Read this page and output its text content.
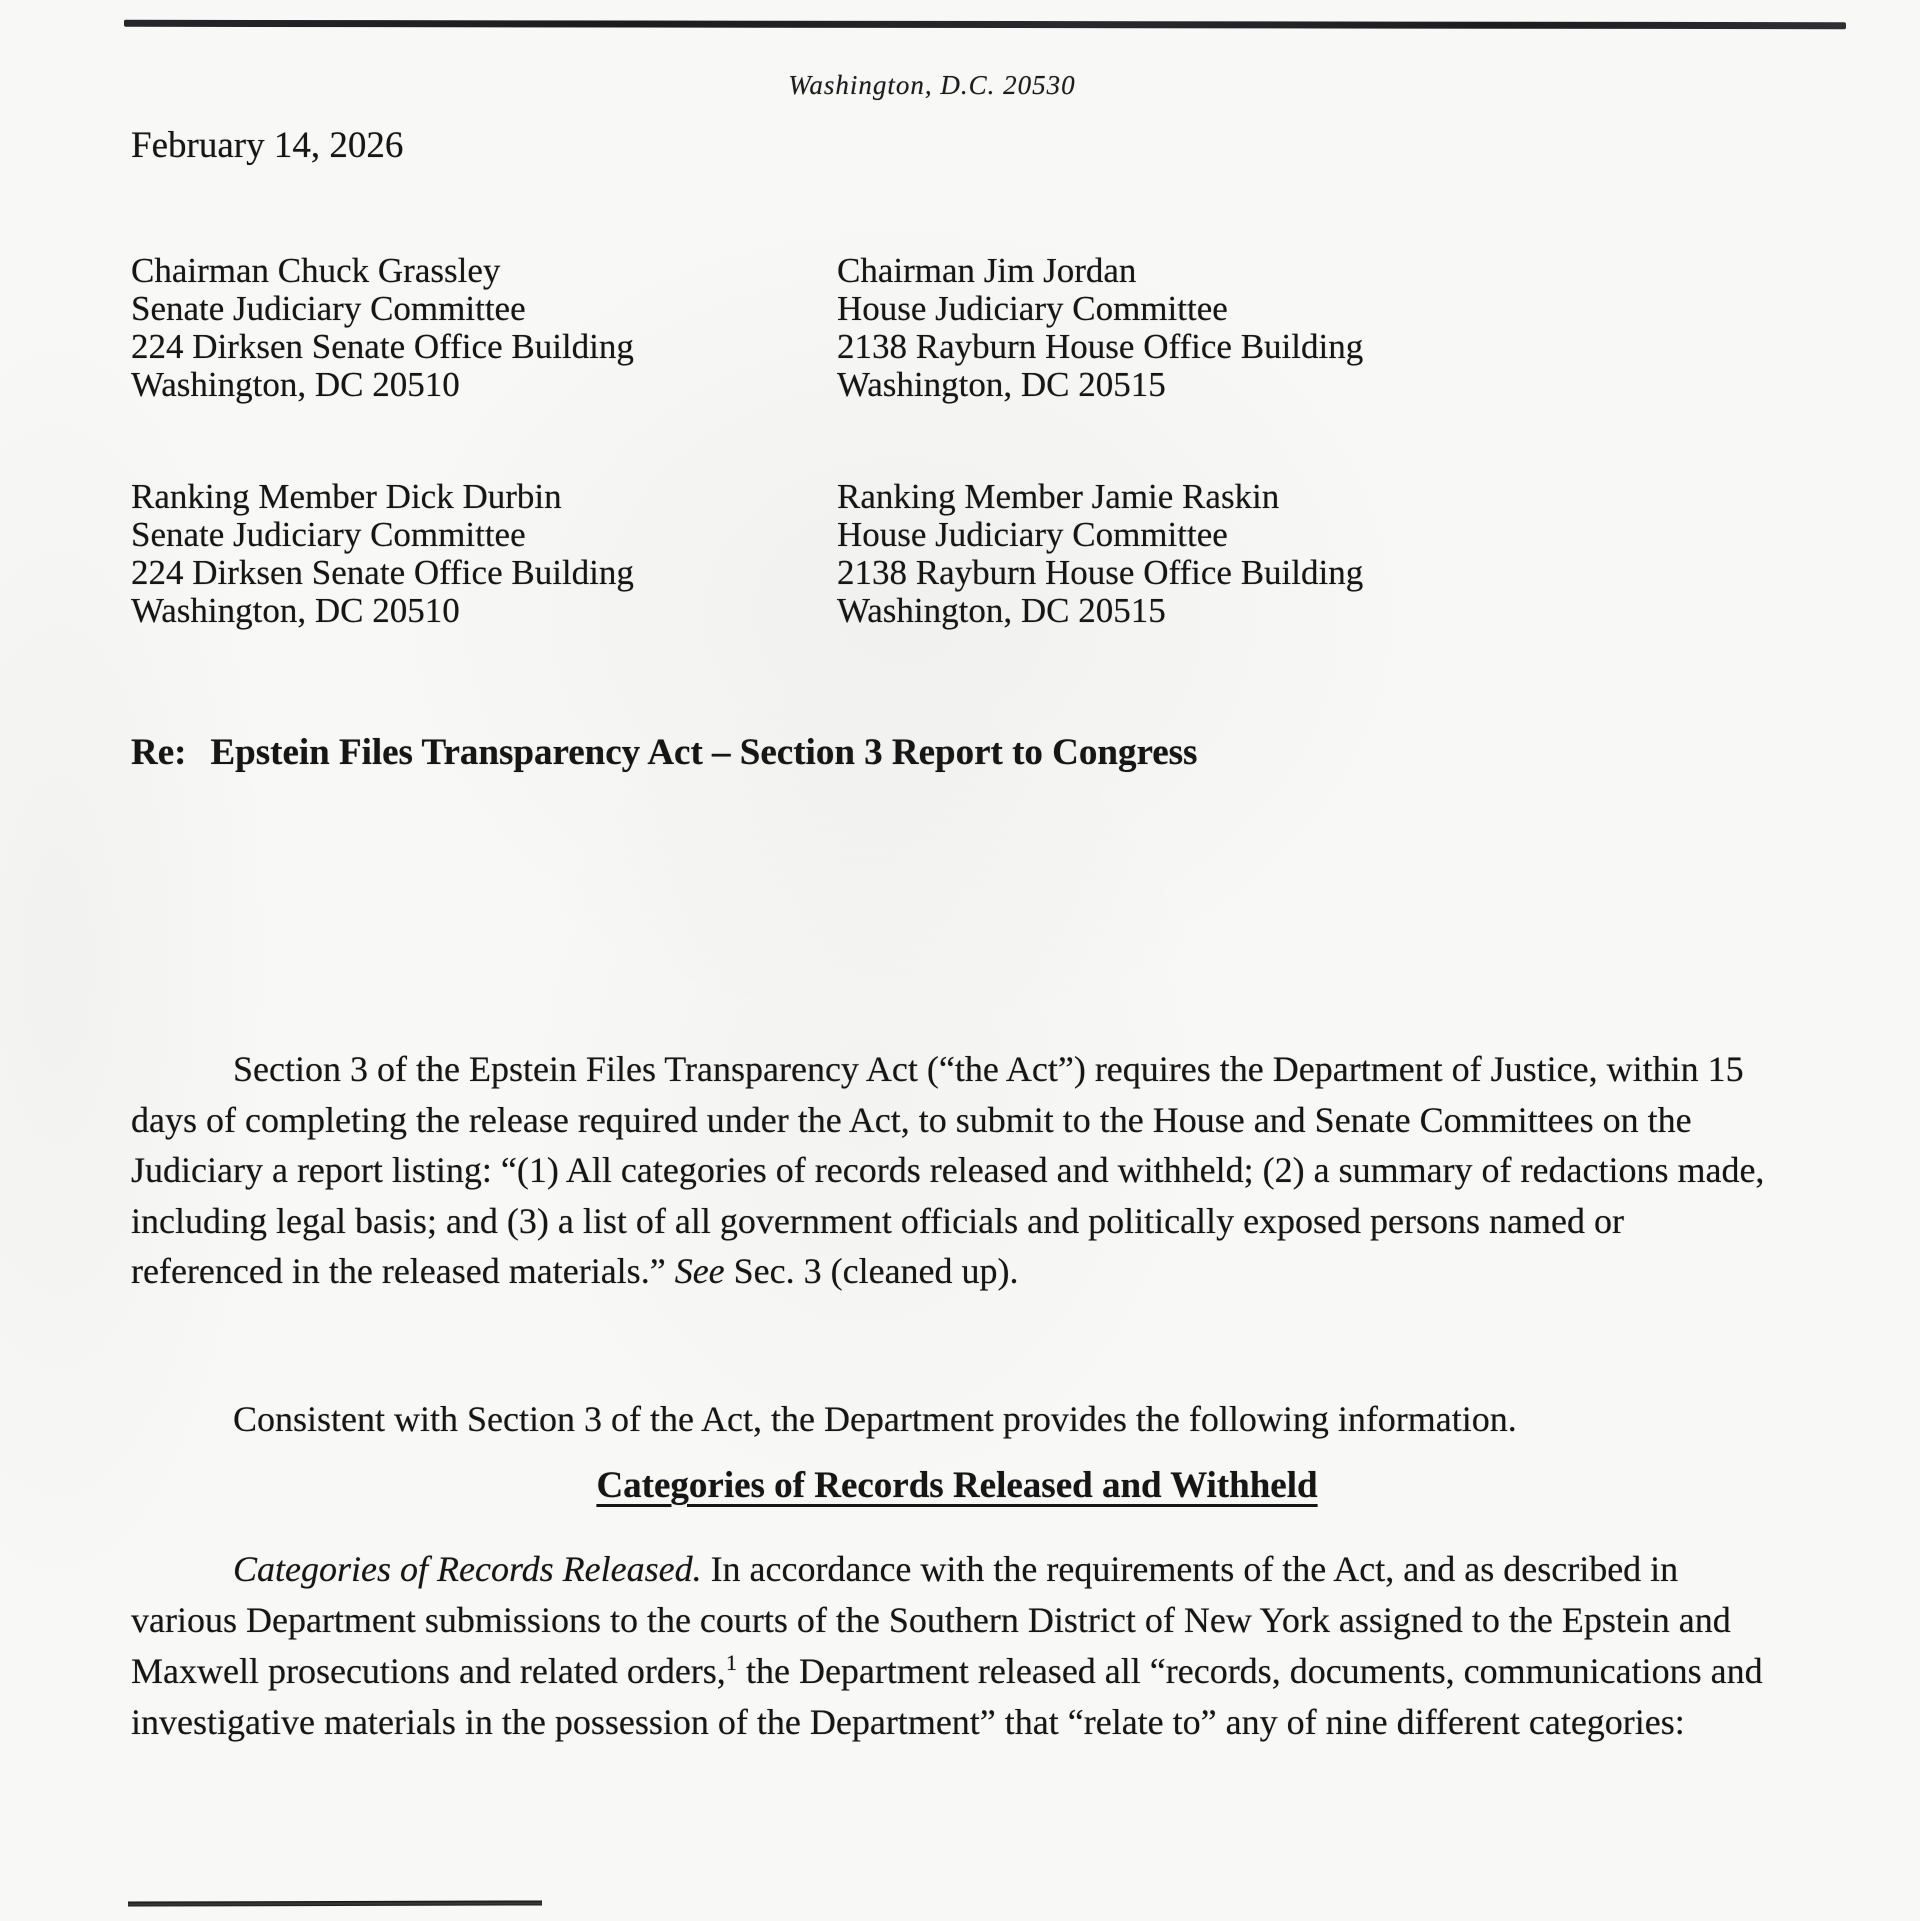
Washington, D.C. 20530
February 14, 2026
Chairman Chuck Grassley
Senate Judiciary Committee
224 Dirksen Senate Office Building
Washington, DC 20510
Chairman Jim Jordan
House Judiciary Committee
2138 Rayburn House Office Building
Washington, DC 20515
Ranking Member Dick Durbin
Senate Judiciary Committee
224 Dirksen Senate Office Building
Washington, DC 20510
Ranking Member Jamie Raskin
House Judiciary Committee
2138 Rayburn House Office Building
Washington, DC 20515
Re: Epstein Files Transparency Act – Section 3 Report to Congress
Section 3 of the Epstein Files Transparency Act (“the Act”) requires the Department of Justice, within 15 days of completing the release required under the Act, to submit to the House and Senate Committees on the Judiciary a report listing: “(1) All categories of records released and withheld; (2) a summary of redactions made, including legal basis; and (3) a list of all government officials and politically exposed persons named or referenced in the released materials.” See Sec. 3 (cleaned up).
Consistent with Section 3 of the Act, the Department provides the following information.
Categories of Records Released and Withheld
Categories of Records Released. In accordance with the requirements of the Act, and as described in various Department submissions to the courts of the Southern District of New York assigned to the Epstein and Maxwell prosecutions and related orders,$^1$ the Department released all “records, documents, communications and investigative materials in the possession of the Department” that “relate to” any of nine different categories:
